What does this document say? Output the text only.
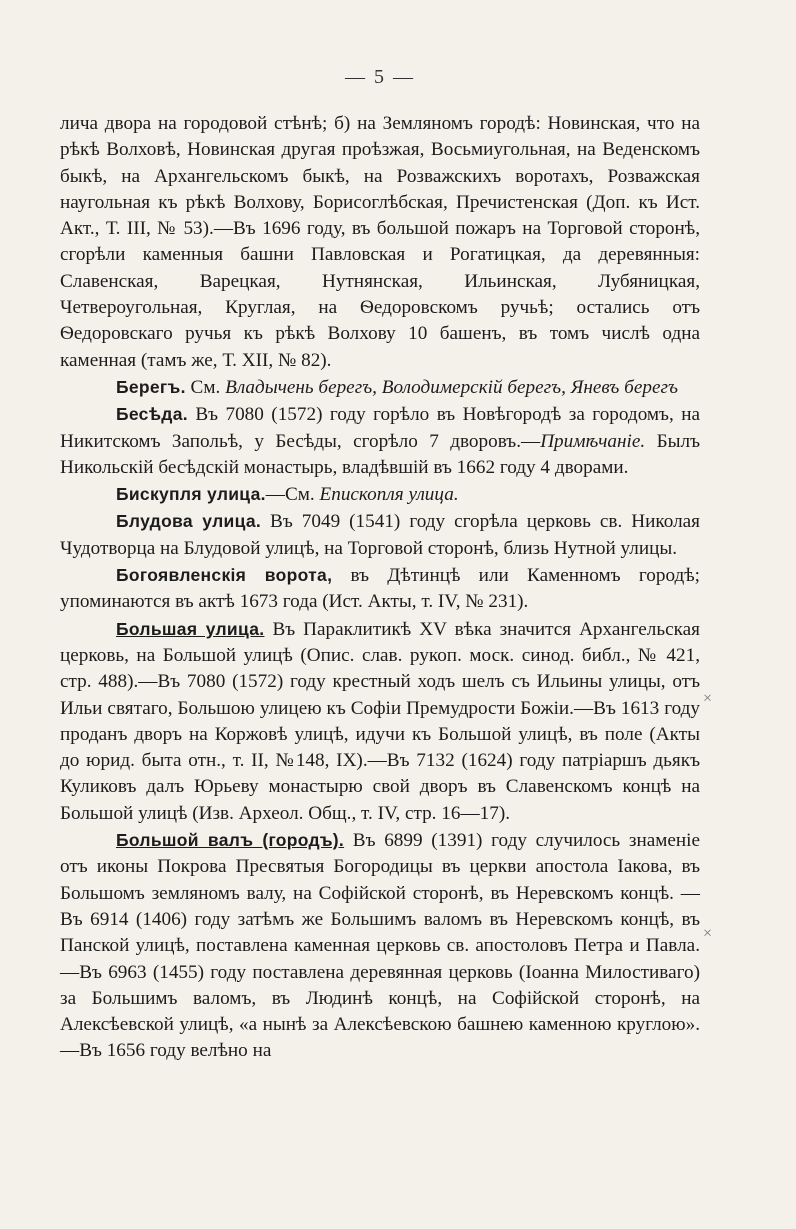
— 5 —

лича двора на городовой стѣнѣ; б) на Земляномъ городѣ: Новинская, что на рѣкѣ Волховѣ, Новинская другая проѣзжая, Восьмиугольная, на Веденскомъ быкѣ, на Архангельскомъ быкѣ, на Розважскихъ воротахъ, Розважская наугольная къ рѣкѣ Волхову, Борисоглѣбская, Пречистенская (Доп. къ Ист. Акт., Т. III, № 53).—Въ 1696 году, въ большой пожаръ на Торговой сторонѣ, сгорѣли каменныя башни Павловская и Рогатицкая, да деревянныя: Славенская, Варецкая, Нутнянская, Ильинская, Лубяницкая, Четвероугольная, Круглая, на Ѳедоровскомъ ручьѣ; остались отъ Ѳедоровскаго ручья къ рѣкѣ Волхову 10 башенъ, въ томъ числѣ одна каменная (тамъ же, Т. XII, № 82).

Берегъ. См. Владычень берегъ, Володимерскій берегъ, Яневъ берегъ

Бесѣда. Въ 7080 (1572) году горѣло въ Новѣгородѣ за городомъ, на Никитскомъ Запольѣ, у Бесѣды, сгорѣло 7 дворовъ.—Примѣчаніе. Былъ Никольскій бесѣдскій монастырь, владѣвшій въ 1662 году 4 дворами.

Бискупля улица.—См. Епископля улица.

Блудова улица. Въ 7049 (1541) году сгорѣла церковь св. Николая Чудотворца на Блудовой улицѣ, на Торговой сторонѣ, близь Нутной улицы.

Богоявленскія ворота, въ Дѣтинцѣ или Каменномъ городѣ; упоминаются въ актѣ 1673 года (Ист. Акты, т. IV, № 231).

Большая улица. Въ Параклитикѣ XV вѣка значится Архангельская церковь, на Большой улицѣ (Опис. слав. рукоп. моск. синод. библ., № 421, стр. 488).—Въ 7080 (1572) году крестный ходъ шелъ съ Ильины улицы, отъ Ильи святаго, Большою улицею къ Софіи Премудрости Божіи.—Въ 1613 году проданъ дворъ на Коржовѣ улицѣ, идучи къ Большой улицѣ, въ поле (Акты до юрид. быта отн., т. II, №148, IX).—Въ 7132 (1624) году патріаршъ дьякъ Куликовъ далъ Юрьеву монастырю свой дворъ въ Славенскомъ концѣ на Большой улицѣ (Изв. Археол. Общ., т. IV, стр. 16—17).

Большой валъ (городъ). Въ 6899 (1391) году случилось знаменіе отъ иконы Покрова Пресвятыя Богородицы въ церкви апостола Іакова, въ Большомъ земляномъ валу, на Софійской сторонѣ, въ Неревскомъ концѣ. — Въ 6914 (1406) году затѣмъ же Большимъ валомъ въ Неревскомъ концѣ, въ Панской улицѣ, поставлена каменная церковь св. апостоловъ Петра и Павла.—Въ 6963 (1455) году поставлена деревянная церковь (Іоанна Милостиваго) за Большимъ валомъ, въ Людинѣ концѣ, на Софійской сторонѣ, на Алексѣевской улицѣ, «а нынѣ за Алексѣевскою башнею каменною круглою».—Въ 1656 году велѣно на

×
×
